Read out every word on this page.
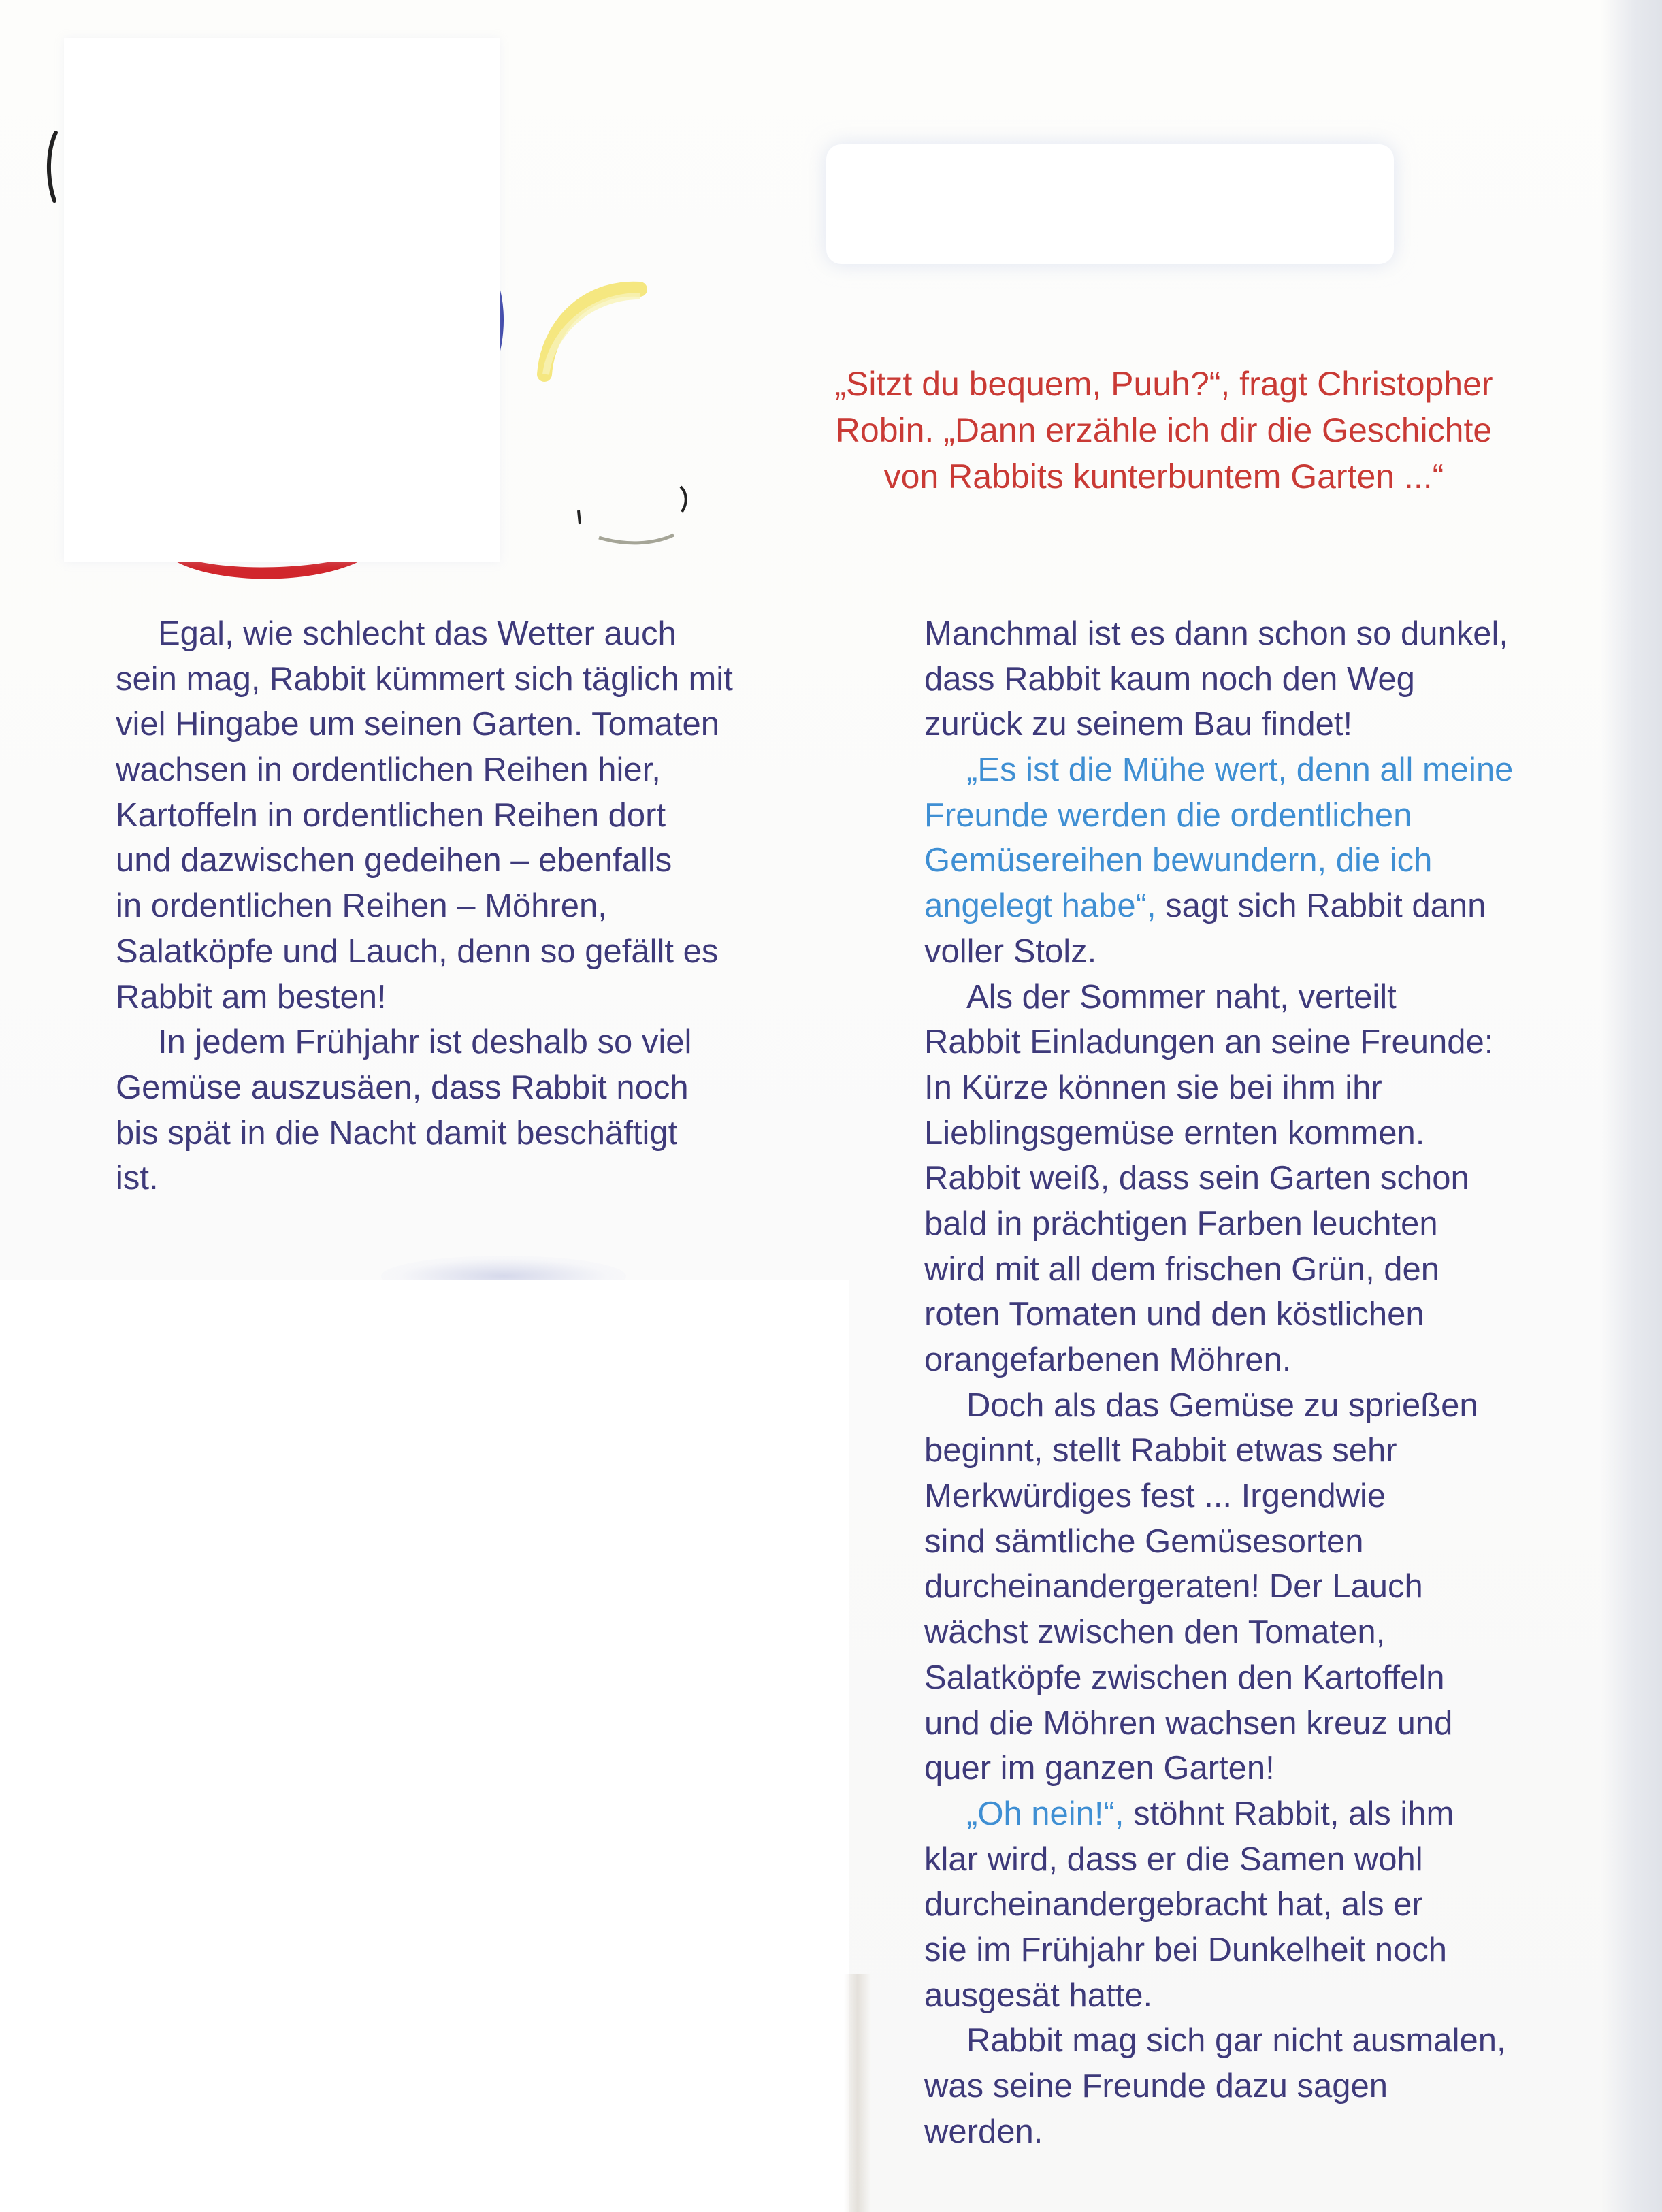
„Sitzt du bequem, Puuh?“, fragt Christopher
Robin. „Dann erzähle ich dir die Geschichte
von Rabbits kunterbuntem Garten ...“

Egal, wie schlecht das Wetter auch
sein mag, Rabbit kümmert sich täglich mit
viel Hingabe um seinen Garten. Tomaten
wachsen in ordentlichen Reihen hier,
Kartoffeln in ordentlichen Reihen dort
und dazwischen gedeihen – ebenfalls
in ordentlichen Reihen – Möhren,
Salatköpfe und Lauch, denn so gefällt es
Rabbit am besten!
In jedem Frühjahr ist deshalb so viel
Gemüse auszusäen, dass Rabbit noch
bis spät in die Nacht damit beschäftigt
ist.
Manchmal ist es dann schon so dunkel,
dass Rabbit kaum noch den Weg
zurück zu seinem Bau findet!
„Es ist die Mühe wert, denn all meine
Freunde werden die ordentlichen
Gemüsereihen bewundern, die ich
angelegt habe“, sagt sich Rabbit dann
voller Stolz.
Als der Sommer naht, verteilt
Rabbit Einladungen an seine Freunde:
In Kürze können sie bei ihm ihr
Lieblingsgemüse ernten kommen.
Rabbit weiß, dass sein Garten schon
bald in prächtigen Farben leuchten
wird mit all dem frischen Grün, den
roten Tomaten und den köstlichen
orangefarbenen Möhren.
Doch als das Gemüse zu sprießen
beginnt, stellt Rabbit etwas sehr
Merkwürdiges fest ... Irgendwie
sind sämtliche Gemüsesorten
durcheinandergeraten! Der Lauch
wächst zwischen den Tomaten,
Salatköpfe zwischen den Kartoffeln
und die Möhren wachsen kreuz und
quer im ganzen Garten!
„Oh nein!“, stöhnt Rabbit, als ihm
klar wird, dass er die Samen wohl
durcheinandergebracht hat, als er
sie im Frühjahr bei Dunkelheit noch
ausgesät hatte.
Rabbit mag sich gar nicht ausmalen,
was seine Freunde dazu sagen
werden.
